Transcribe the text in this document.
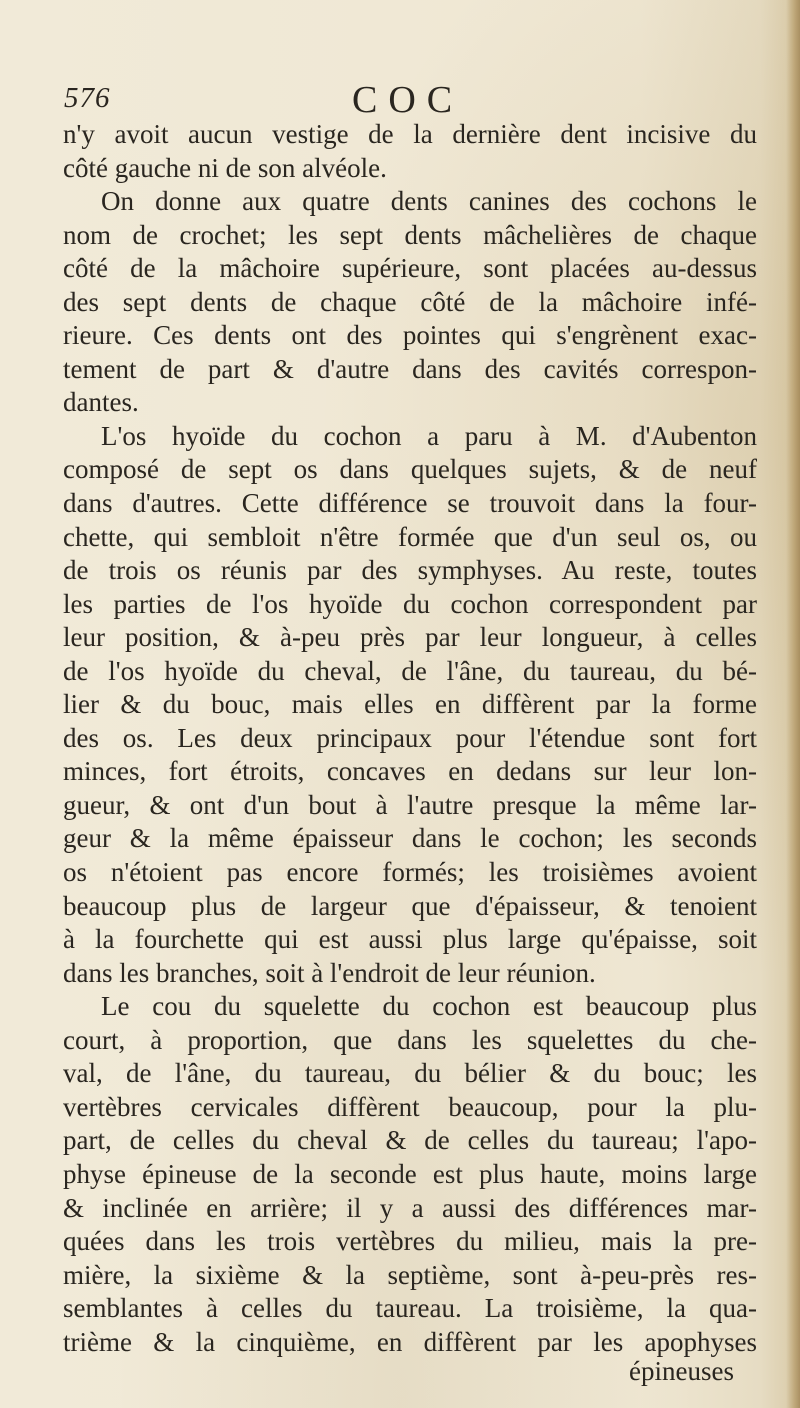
576	COC
n'y avoit aucun vestige de la dernière dent incisive du
côté gauche ni de son alvéole.
On donne aux quatre dents canines des cochons le
nom de crochet; les sept dents mâchelières de chaque
côté de la mâchoire supérieure, sont placées au-dessus
des sept dents de chaque côté de la mâchoire infé-
rieure. Ces dents ont des pointes qui s'engrènent exac-
tement de part & d'autre dans des cavités correspon-
dantes.
L'os hyoïde du cochon a paru à M. d'Aubenton
composé de sept os dans quelques sujets, & de neuf
dans d'autres. Cette différence se trouvoit dans la four-
chette, qui sembloit n'être formée que d'un seul os, ou
de trois os réunis par des symphyses. Au reste, toutes
les parties de l'os hyoïde du cochon correspondent par
leur position, & à-peu près par leur longueur, à celles
de l'os hyoïde du cheval, de l'âne, du taureau, du bé-
lier & du bouc, mais elles en diffèrent par la forme
des os. Les deux principaux pour l'étendue sont fort
minces, fort étroits, concaves en dedans sur leur lon-
gueur, & ont d'un bout à l'autre presque la même lar-
geur & la même épaisseur dans le cochon; les seconds
os n'étoient pas encore formés; les troisièmes avoient
beaucoup plus de largeur que d'épaisseur, & tenoient
à la fourchette qui est aussi plus large qu'épaisse, soit
dans les branches, soit à l'endroit de leur réunion.
Le cou du squelette du cochon est beaucoup plus
court, à proportion, que dans les squelettes du che-
val, de l'âne, du taureau, du bélier & du bouc; les
vertèbres cervicales diffèrent beaucoup, pour la plu-
part, de celles du cheval & de celles du taureau; l'apo-
physe épineuse de la seconde est plus haute, moins large
& inclinée en arrière; il y a aussi des différences mar-
quées dans les trois vertèbres du milieu, mais la pre-
mière, la sixième & la septième, sont à-peu-près res-
semblantes à celles du taureau. La troisième, la qua-
trième & la cinquième, en diffèrent par les apophyses
épineuses
